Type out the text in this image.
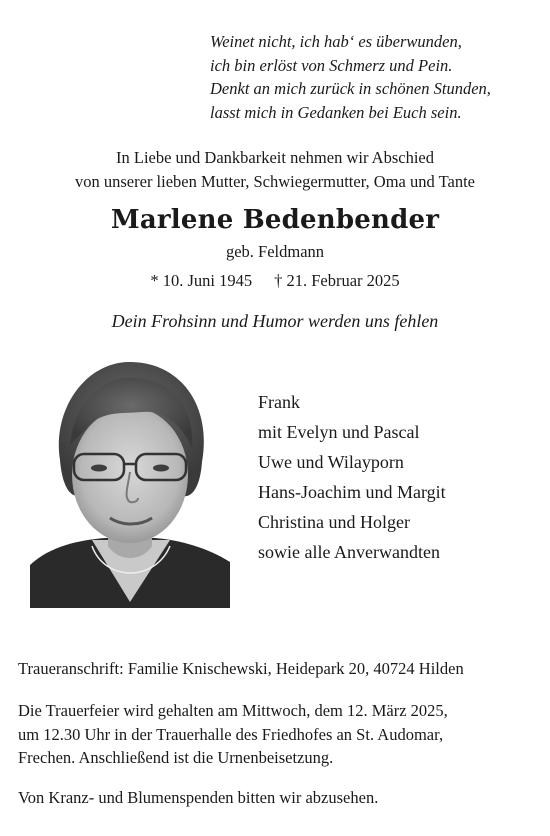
Weinet nicht, ich hab‘ es überwunden,
ich bin erlöst von Schmerz und Pein.
Denkt an mich zurück in schönen Stunden,
lasst mich in Gedanken bei Euch sein.
In Liebe und Dankbarkeit nehmen wir Abschied
von unserer lieben Mutter, Schwiegermutter, Oma und Tante
Marlene Bedenbender
geb. Feldmann
* 10. Juni 1945 † 21. Februar 2025
Dein Frohsinn und Humor werden uns fehlen
Frank
mit Evelyn und Pascal
Uwe und Wilayporn
Hans-Joachim und Margit
Christina und Holger
sowie alle Anverwandten
Traueranschrift: Familie Knischewski, Heidepark 20, 40724 Hilden
Die Trauerfeier wird gehalten am Mittwoch, dem 12. März 2025,
um 12.30 Uhr in der Trauerhalle des Friedhofes an St. Audomar,
Frechen. Anschließend ist die Urnenbeisetzung.
Von Kranz- und Blumenspenden bitten wir abzusehen.
